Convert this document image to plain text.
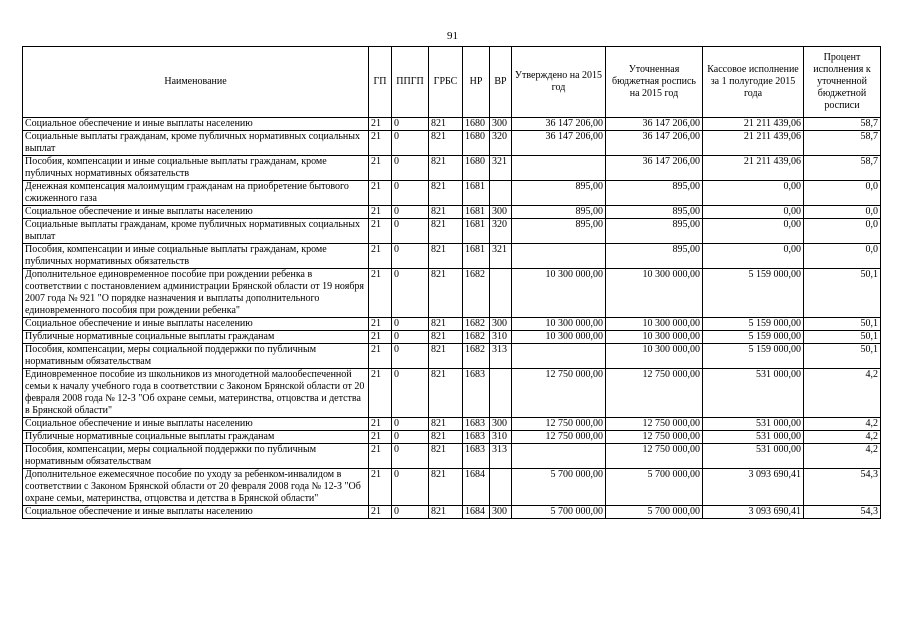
91
Наименование	ГП	ППГП	ГРБС	НР	ВР	Утверждено на 2015 год	Уточненная бюджетная роспись на 2015 год	Кассовое исполнение за 1 полугодие 2015 года	Процент исполнения к уточненной бюджетной росписи
Социальное обеспечение и иные выплаты населению	21	0	821	1680	300	36 147 206,00	36 147 206,00	21 211 439,06	58,7
Социальные выплаты гражданам, кроме публичных нормативных социальных выплат	21	0	821	1680	320	36 147 206,00	36 147 206,00	21 211 439,06	58,7
Пособия, компенсации и иные социальные выплаты гражданам, кроме публичных нормативных обязательств	21	0	821	1680	321		36 147 206,00	21 211 439,06	58,7
Денежная компенсация малоимущим гражданам на приобретение бытового сжиженного газа	21	0	821	1681		895,00	895,00	0,00	0,0
Социальное обеспечение и иные выплаты населению	21	0	821	1681	300	895,00	895,00	0,00	0,0
Социальные выплаты гражданам, кроме публичных нормативных социальных выплат	21	0	821	1681	320	895,00	895,00	0,00	0,0
Пособия, компенсации и иные социальные выплаты гражданам, кроме публичных нормативных обязательств	21	0	821	1681	321		895,00	0,00	0,0
Дополнительное единовременное пособие при рождении ребенка в соответствии с постановлением администрации Брянской области от 19 ноября 2007 года № 921 "О порядке назначения и выплаты дополнительного единовременного пособия при рождении ребенка"	21	0	821	1682		10 300 000,00	10 300 000,00	5 159 000,00	50,1
Социальное обеспечение и иные выплаты населению	21	0	821	1682	300	10 300 000,00	10 300 000,00	5 159 000,00	50,1
Публичные нормативные социальные выплаты гражданам	21	0	821	1682	310	10 300 000,00	10 300 000,00	5 159 000,00	50,1
Пособия, компенсации, меры социальной поддержки по публичным нормативным обязательствам	21	0	821	1682	313		10 300 000,00	5 159 000,00	50,1
Единовременное пособие из школьников из многодетной малообеспеченной семьи к началу учебного года в соответствии с Законом Брянской области от 20 февраля 2008 года № 12-З "Об охране семьи, материнства, отцовства и детства в Брянской области"	21	0	821	1683		12 750 000,00	12 750 000,00	531 000,00	4,2
Социальное обеспечение и иные выплаты населению	21	0	821	1683	300	12 750 000,00	12 750 000,00	531 000,00	4,2
Публичные нормативные социальные выплаты гражданам	21	0	821	1683	310	12 750 000,00	12 750 000,00	531 000,00	4,2
Пособия, компенсации, меры социальной поддержки по публичным нормативным обязательствам	21	0	821	1683	313		12 750 000,00	531 000,00	4,2
Дополнительное ежемесячное пособие по уходу за ребенком-инвалидом в соответствии с Законом Брянской области от 20 февраля 2008 года № 12-З "Об охране семьи, материнства, отцовства и детства в Брянской области"	21	0	821	1684		5 700 000,00	5 700 000,00	3 093 690,41	54,3
Социальное обеспечение и иные выплаты населению	21	0	821	1684	300	5 700 000,00	5 700 000,00	3 093 690,41	54,3
